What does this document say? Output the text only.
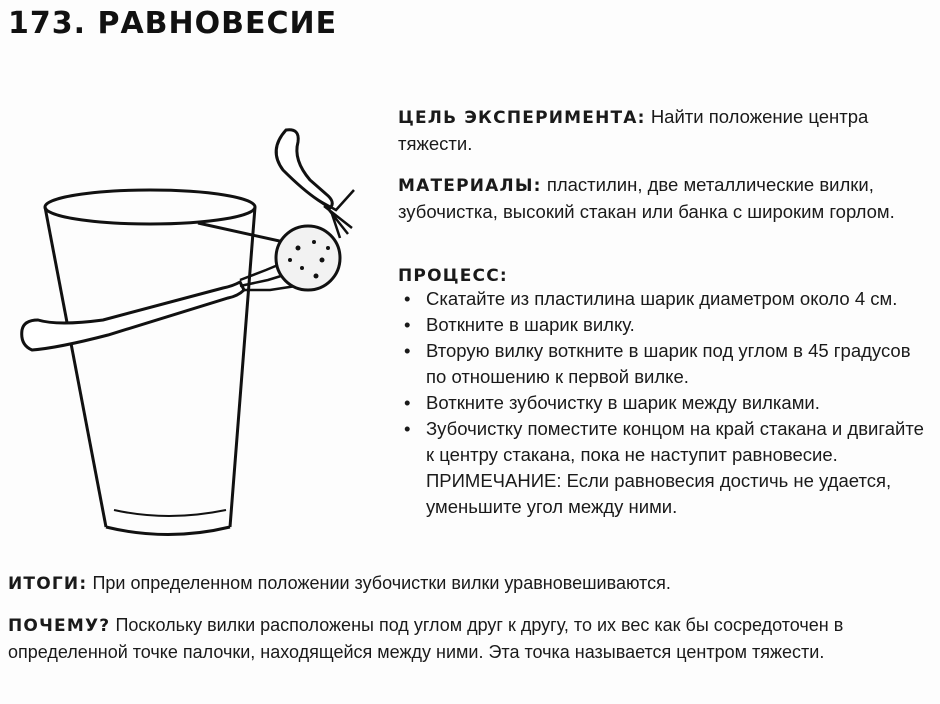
173. РАВНОВЕСИЕ
ЦЕЛЬ ЭКСПЕРИМЕНТА: Найти положение центра тяжести.
МАТЕРИАЛЫ: пластилин, две металлические вилки, зубочистка, высокий стакан или банка с широким горлом.
ПРОЦЕСС:
• Скатайте из пластилина шарик диаметром около 4 см.
• Воткните в шарик вилку.
• Вторую вилку воткните в шарик под углом в 45 градусов по отношению к первой вилке.
• Воткните зубочистку в шарик между вилками.
• Зубочистку поместите концом на край стакана и двигайте к центру стакана, пока не наступит равновесие.
ПРИМЕЧАНИЕ: Если равновесия достичь не удается, уменьшите угол между ними.
ИТОГИ: При определенном положении зубочистки вилки уравновешиваются.
ПОЧЕМУ? Поскольку вилки расположены под углом друг к другу, то их вес как бы сосредоточен в определенной точке палочки, находящейся между ними. Эта точка называется центром тяжести.
